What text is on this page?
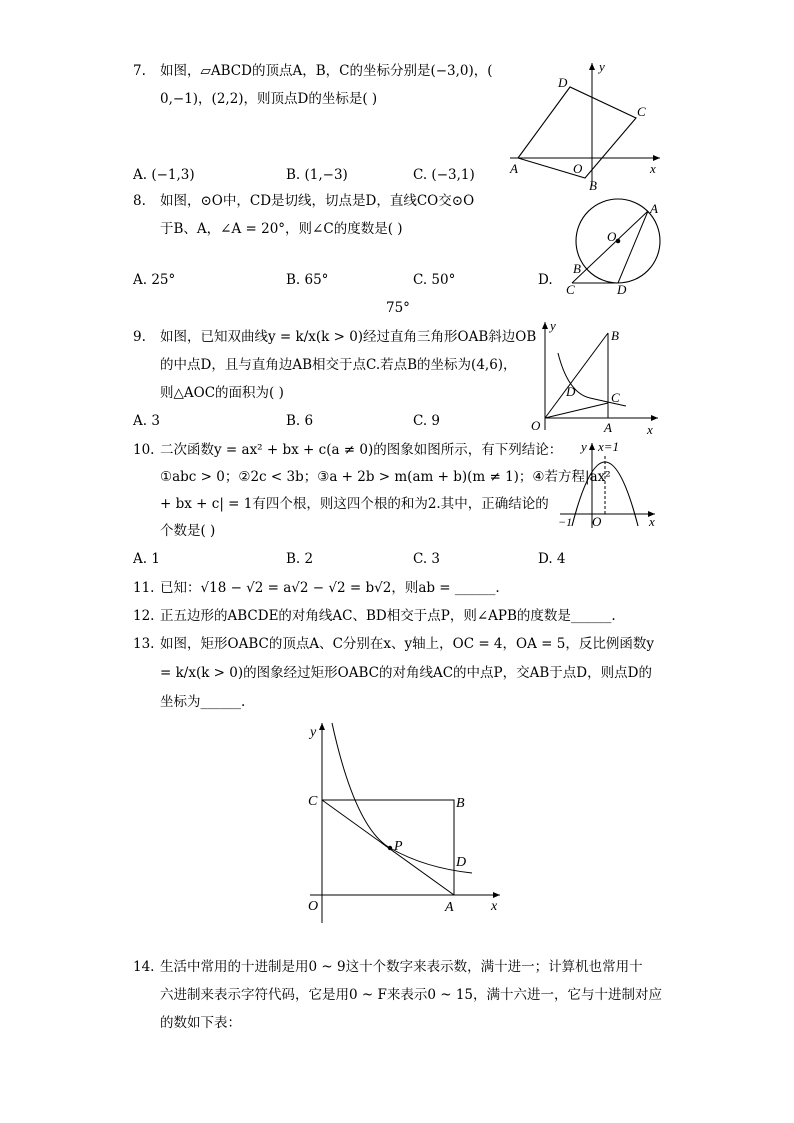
7. 如图，▱ABCD的顶点A，B，C的坐标分别是(−3,0)，(
0,−1)，(2,2)，则顶点D的坐标是( )
A. (−1,3)	B. (1,−3)	C. (−3,1)
y
x
D
C
A	O
B
8. 如图，⊙O中，CD是切线，切点是D，直线CO交⊙O
于B、A，∠A = 20°，则∠C的度数是( )
A. 25°	B. 65°	C. 50°	D.
75°
A
O
B
C	D
9. 如图，已知双曲线y = k/x(k > 0)经过直角三角形OAB斜边OB
的中点D，且与直角边AB相交于点C.若点B的坐标为(4,6)，
则△AOC的面积为( )
A. 3	B. 6	C. 9
y
B
D	C
O	A	x
10. 二次函数y = ax² + bx + c(a ≠ 0)的图象如图所示，有下列结论：
①abc > 0；②2c < 3b；③a + 2b > m(am + b)(m ≠ 1)；④若方程|ax²
+ bx + c| = 1有四个根，则这四个根的和为2.其中，正确结论的
个数是( )
A. 1	B. 2	C. 3	D. 4
y x=1
−1 O	x
11. 已知：√18 − √2 = a√2 − √2 = b√2，则ab = ______.
12. 正五边形的ABCDE的对角线AC、BD相交于点P，则∠APB的度数是______.
13. 如图，矩形OABC的顶点A、C分别在x、y轴上，OC = 4，OA = 5，反比例函数y
= k/x(k > 0)的图象经过矩形OABC的对角线AC的中点P，交AB于点D，则点D的
坐标为______.
y
C	B
P
D
O	A	x
14. 生活中常用的十进制是用0 ~ 9这十个数字来表示数，满十进一；计算机也常用十
六进制来表示字符代码，它是用0 ~ F来表示0 ~ 15，满十六进一，它与十进制对应
的数如下表：
